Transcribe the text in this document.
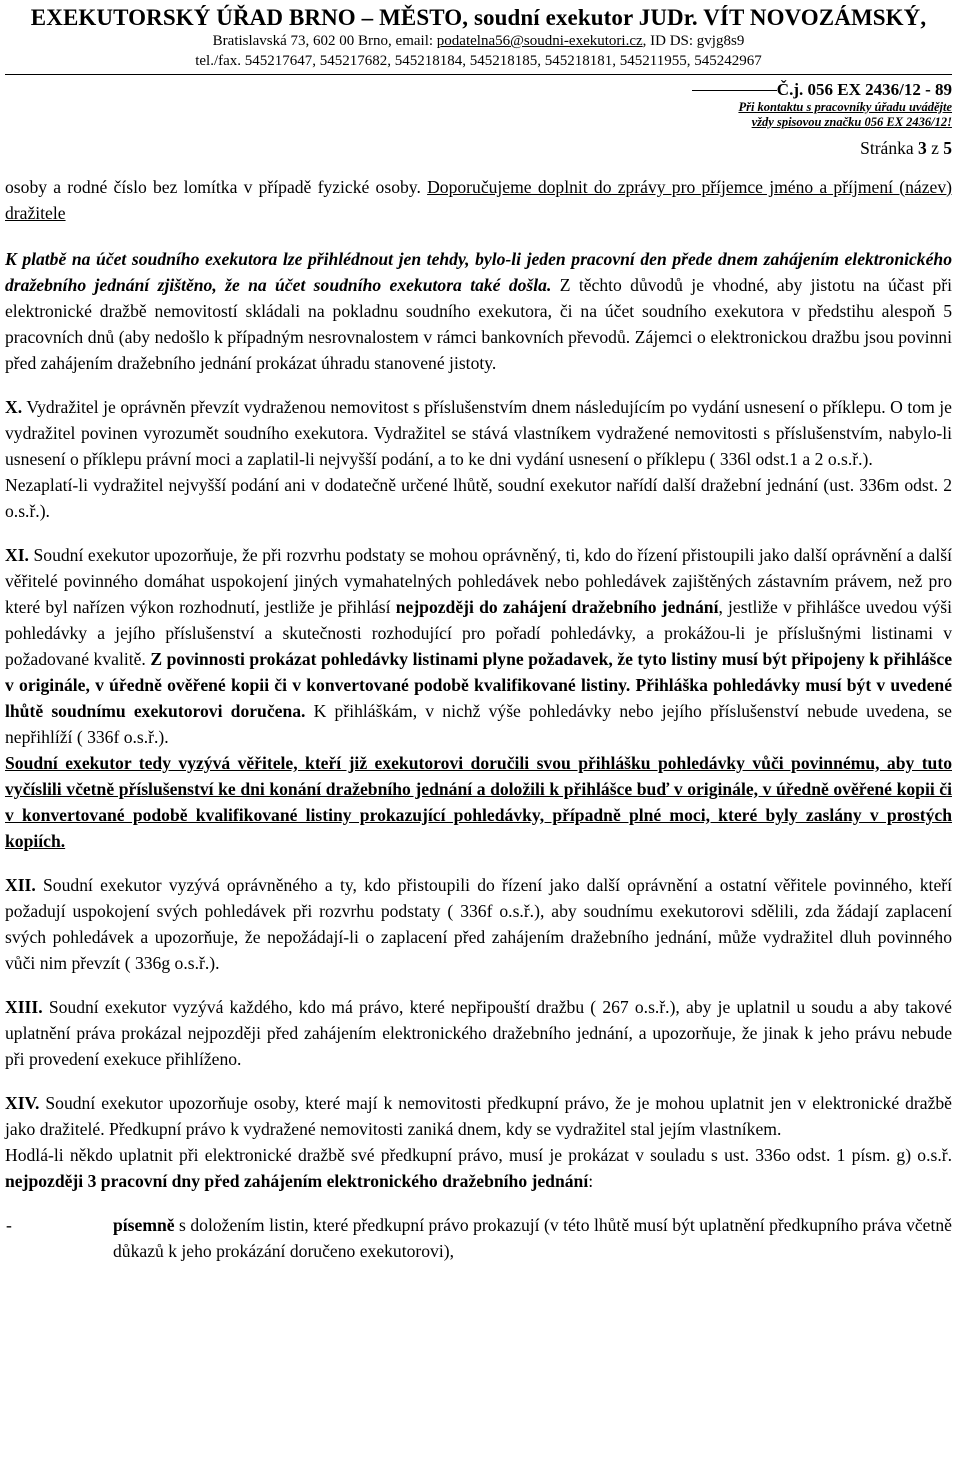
EXEKUTORSKÝ ÚŘAD BRNO – MĚSTO, soudní exekutor JUDr. VÍT NOVOZÁMSKÝ,
Bratislavská 73, 602 00 Brno, email: podatelna56@soudni-exekutori.cz, ID DS: gvjg8s9
tel./fax. 545217647, 545217682, 545218184, 545218185, 545218181, 545211955, 545242967
Č.j. 056 EX 2436/12 - 89
Při kontaktu s pracovníky úřadu uvádějte
vždy spisovou značku 056 EX 2436/12!
Stránka 3 z 5

osoby a rodné číslo bez lomítka v případě fyzické osoby. Doporučujeme doplnit do zprávy pro příjemce jméno a příjmení (název) dražitele

K platbě na účet soudního exekutora lze přihlédnout jen tehdy, bylo-li jeden pracovní den přede dnem zahájením elektronického dražebního jednání zjištěno, že na účet soudního exekutora také došla. Z těchto důvodů je vhodné, aby jistotu na účast při elektronické dražbě nemovitostí skládali na pokladnu soudního exekutora, či na účet soudního exekutora v předstihu alespoň 5 pracovních dnů (aby nedošlo k případným nesrovnalostem v rámci bankovních převodů. Zájemci o elektronickou dražbu jsou povinni před zahájením dražebního jednání prokázat úhradu stanovené jistoty.

X. Vydražitel je oprávněn převzít vydraženou nemovitost s příslušenstvím dnem následujícím po vydání usnesení o příklepu. O tom je vydražitel povinen vyrozumět soudního exekutora. Vydražitel se stává vlastníkem vydražené nemovitosti s příslušenstvím, nabylo-li usnesení o příklepu právní moci a zaplatil-li nejvyšší podání, a to ke dni vydání usnesení o příklepu ( 336l odst.1 a 2 o.s.ř.).

Nezaplatí-li vydražitel nejvyšší podání ani v dodatečně určené lhůtě, soudní exekutor nařídí další dražební jednání (ust. 336m odst. 2 o.s.ř.).

XI. Soudní exekutor upozorňuje, že při rozvrhu podstaty se mohou oprávněný, ti, kdo do řízení přistoupili jako další oprávnění a další věřitelé povinného domáhat uspokojení jiných vymahatelných pohledávek nebo pohledávek zajištěných zástavním právem, než pro které byl nařízen výkon rozhodnutí, jestliže je přihlásí nejpozději do zahájení dražebního jednání, jestliže v přihlášce uvedou výši pohledávky a jejího příslušenství a skutečnosti rozhodující pro pořadí pohledávky, a prokážou-li je příslušnými listinami v požadované kvalitě. Z povinnosti prokázat pohledávky listinami plyne požadavek, že tyto listiny musí být připojeny k přihlášce v originále, v úředně ověřené kopii či v konvertované podobě kvalifikované listiny. Přihláška pohledávky musí být v uvedené lhůtě soudnímu exekutorovi doručena. K přihláškám, v nichž výše pohledávky nebo jejího příslušenství nebude uvedena, se nepřihlíží ( 336f o.s.ř.).

Soudní exekutor tedy vyzývá věřitele, kteří již exekutorovi doručili svou přihlášku pohledávky vůči povinnému, aby tuto vyčíslili včetně příslušenství ke dni konání dražebního jednání a doložili k přihlášce buď v originále, v úředně ověřené kopii či v konvertované podobě kvalifikované listiny prokazující pohledávky, případně plné moci, které byly zaslány v prostých kopiích.

XII. Soudní exekutor vyzývá oprávněného a ty, kdo přistoupili do řízení jako další oprávnění a ostatní věřitele povinného, kteří požadují uspokojení svých pohledávek při rozvrhu podstaty ( 336f o.s.ř.), aby soudnímu exekutorovi sdělili, zda žádají zaplacení svých pohledávek a upozorňuje, že nepožádají-li o zaplacení před zahájením dražebního jednání, může vydražitel dluh povinného vůči nim převzít ( 336g o.s.ř.).

XIII. Soudní exekutor vyzývá každého, kdo má právo, které nepřipouští dražbu ( 267 o.s.ř.), aby je uplatnil u soudu a aby takové uplatnění práva prokázal nejpozději před zahájením elektronického dražebního jednání, a upozorňuje, že jinak k jeho právu nebude při provedení exekuce přihlíženo.

XIV. Soudní exekutor upozorňuje osoby, které mají k nemovitosti předkupní právo, že je mohou uplatnit jen v elektronické dražbě jako dražitelé. Předkupní právo k vydražené nemovitosti zaniká dnem, kdy se vydražitel stal jejím vlastníkem.

Hodlá-li někdo uplatnit při elektronické dražbě své předkupní právo, musí je prokázat v souladu s ust. 336o odst. 1 písm. g) o.s.ř. nejpozději 3 pracovní dny před zahájením elektronického dražebního jednání:

-	písemně s doložením listin, které předkupní právo prokazují (v této lhůtě musí být uplatnění předkupního práva včetně důkazů k jeho prokázání doručeno exekutorovi),
